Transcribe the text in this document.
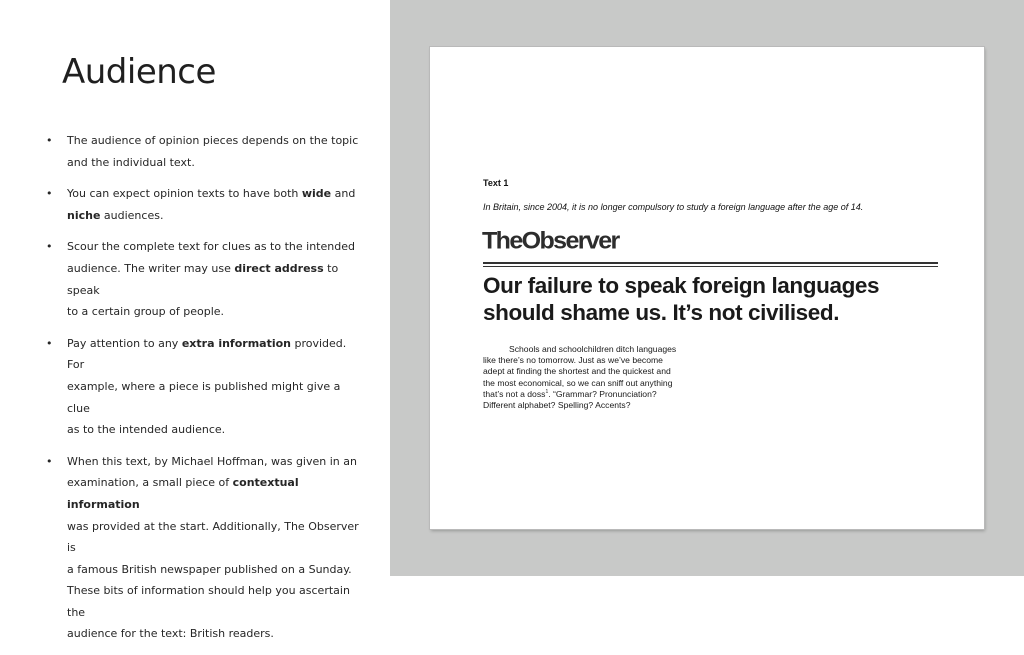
Audience
• The audience of opinion pieces depends on the topic
and the individual text.
• You can expect opinion texts to have both wide and
niche audiences.
• Scour the complete text for clues as to the intended
audience. The writer may use direct address to speak
to a certain group of people.
• Pay attention to any extra information provided. For
example, where a piece is published might give a clue
as to the intended audience.
• When this text, by Michael Hoffman, was given in an
examination, a small piece of contextual information
was provided at the start. Additionally, The Observer is
a famous British newspaper published on a Sunday.
These bits of information should help you ascertain the
audience for the text: British readers.
Text 1
In Britain, since 2004, it is no longer compulsory to study a foreign language after the age of 14.
TheObserver
Our failure to speak foreign languages
should shame us. It’s not civilised.
Schools and schoolchildren ditch languages
like there’s no tomorrow. Just as we’ve become
adept at finding the shortest and the quickest and
the most economical, so we can sniff out anything
that’s not a doss$^1$. “Grammar? Pronunciation?
Different alphabet? Spelling? Accents?
